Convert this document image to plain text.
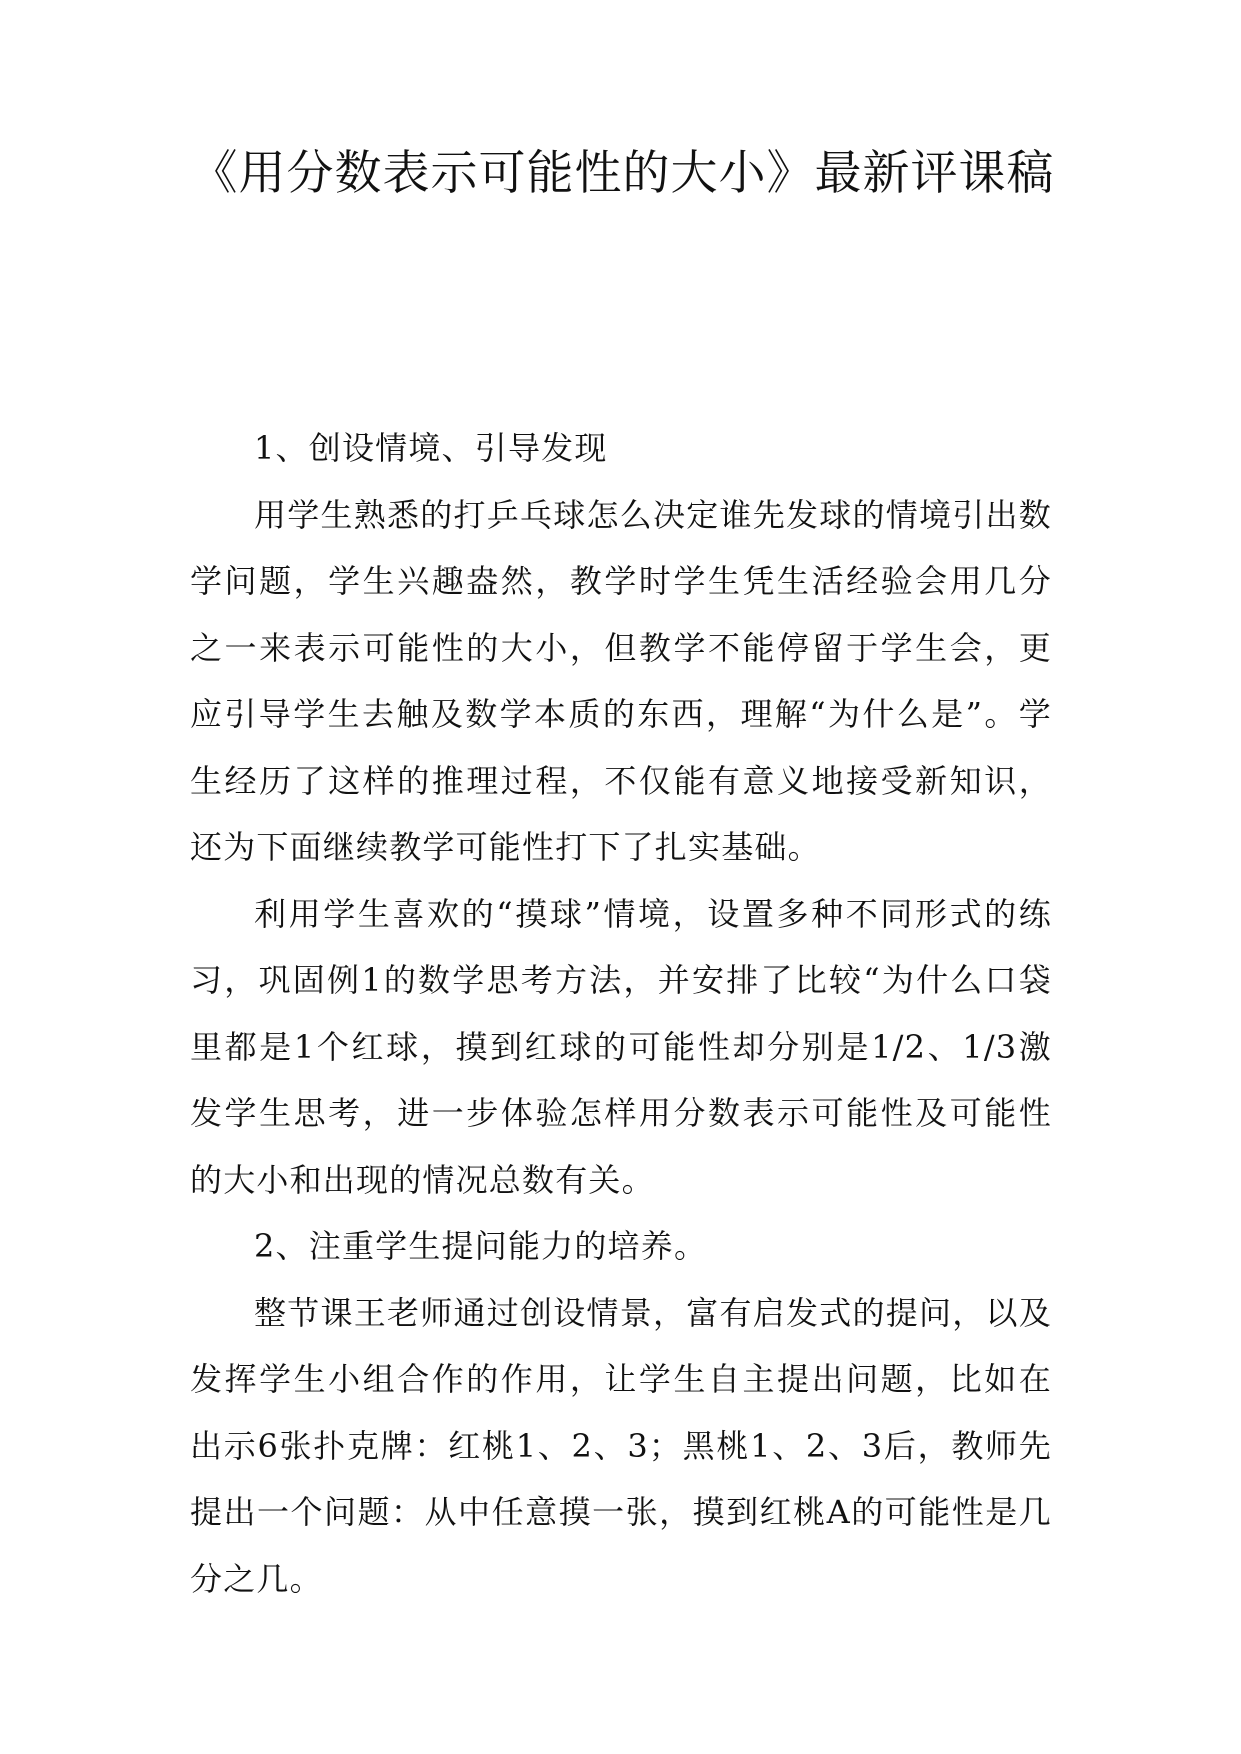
《用分数表示可能性的大小》最新评课稿

1、创设情境、引导发现

用学生熟悉的打乒乓球怎么决定谁先发球的情境引出数学问题，学生兴趣盎然，教学时学生凭生活经验会用几分之一来表示可能性的大小，但教学不能停留于学生会，更应引导学生去触及数学本质的东西，理解“为什么是”。学生经历了这样的推理过程，不仅能有意义地接受新知识，还为下面继续教学可能性打下了扎实基础。

利用学生喜欢的“摸球”情境，设置多种不同形式的练习，巩固例1的数学思考方法，并安排了比较“为什么口袋里都是1个红球，摸到红球的可能性却分别是1/2、1/3激发学生思考，进一步体验怎样用分数表示可能性及可能性的大小和出现的情况总数有关。

2、注重学生提问能力的培养。

整节课王老师通过创设情景，富有启发式的提问，以及发挥学生小组合作的作用，让学生自主提出问题，比如在出示6张扑克牌：红桃1、2、3；黑桃1、2、3后，教师先提出一个问题：从中任意摸一张，摸到红桃A的可能性是几分之几。
